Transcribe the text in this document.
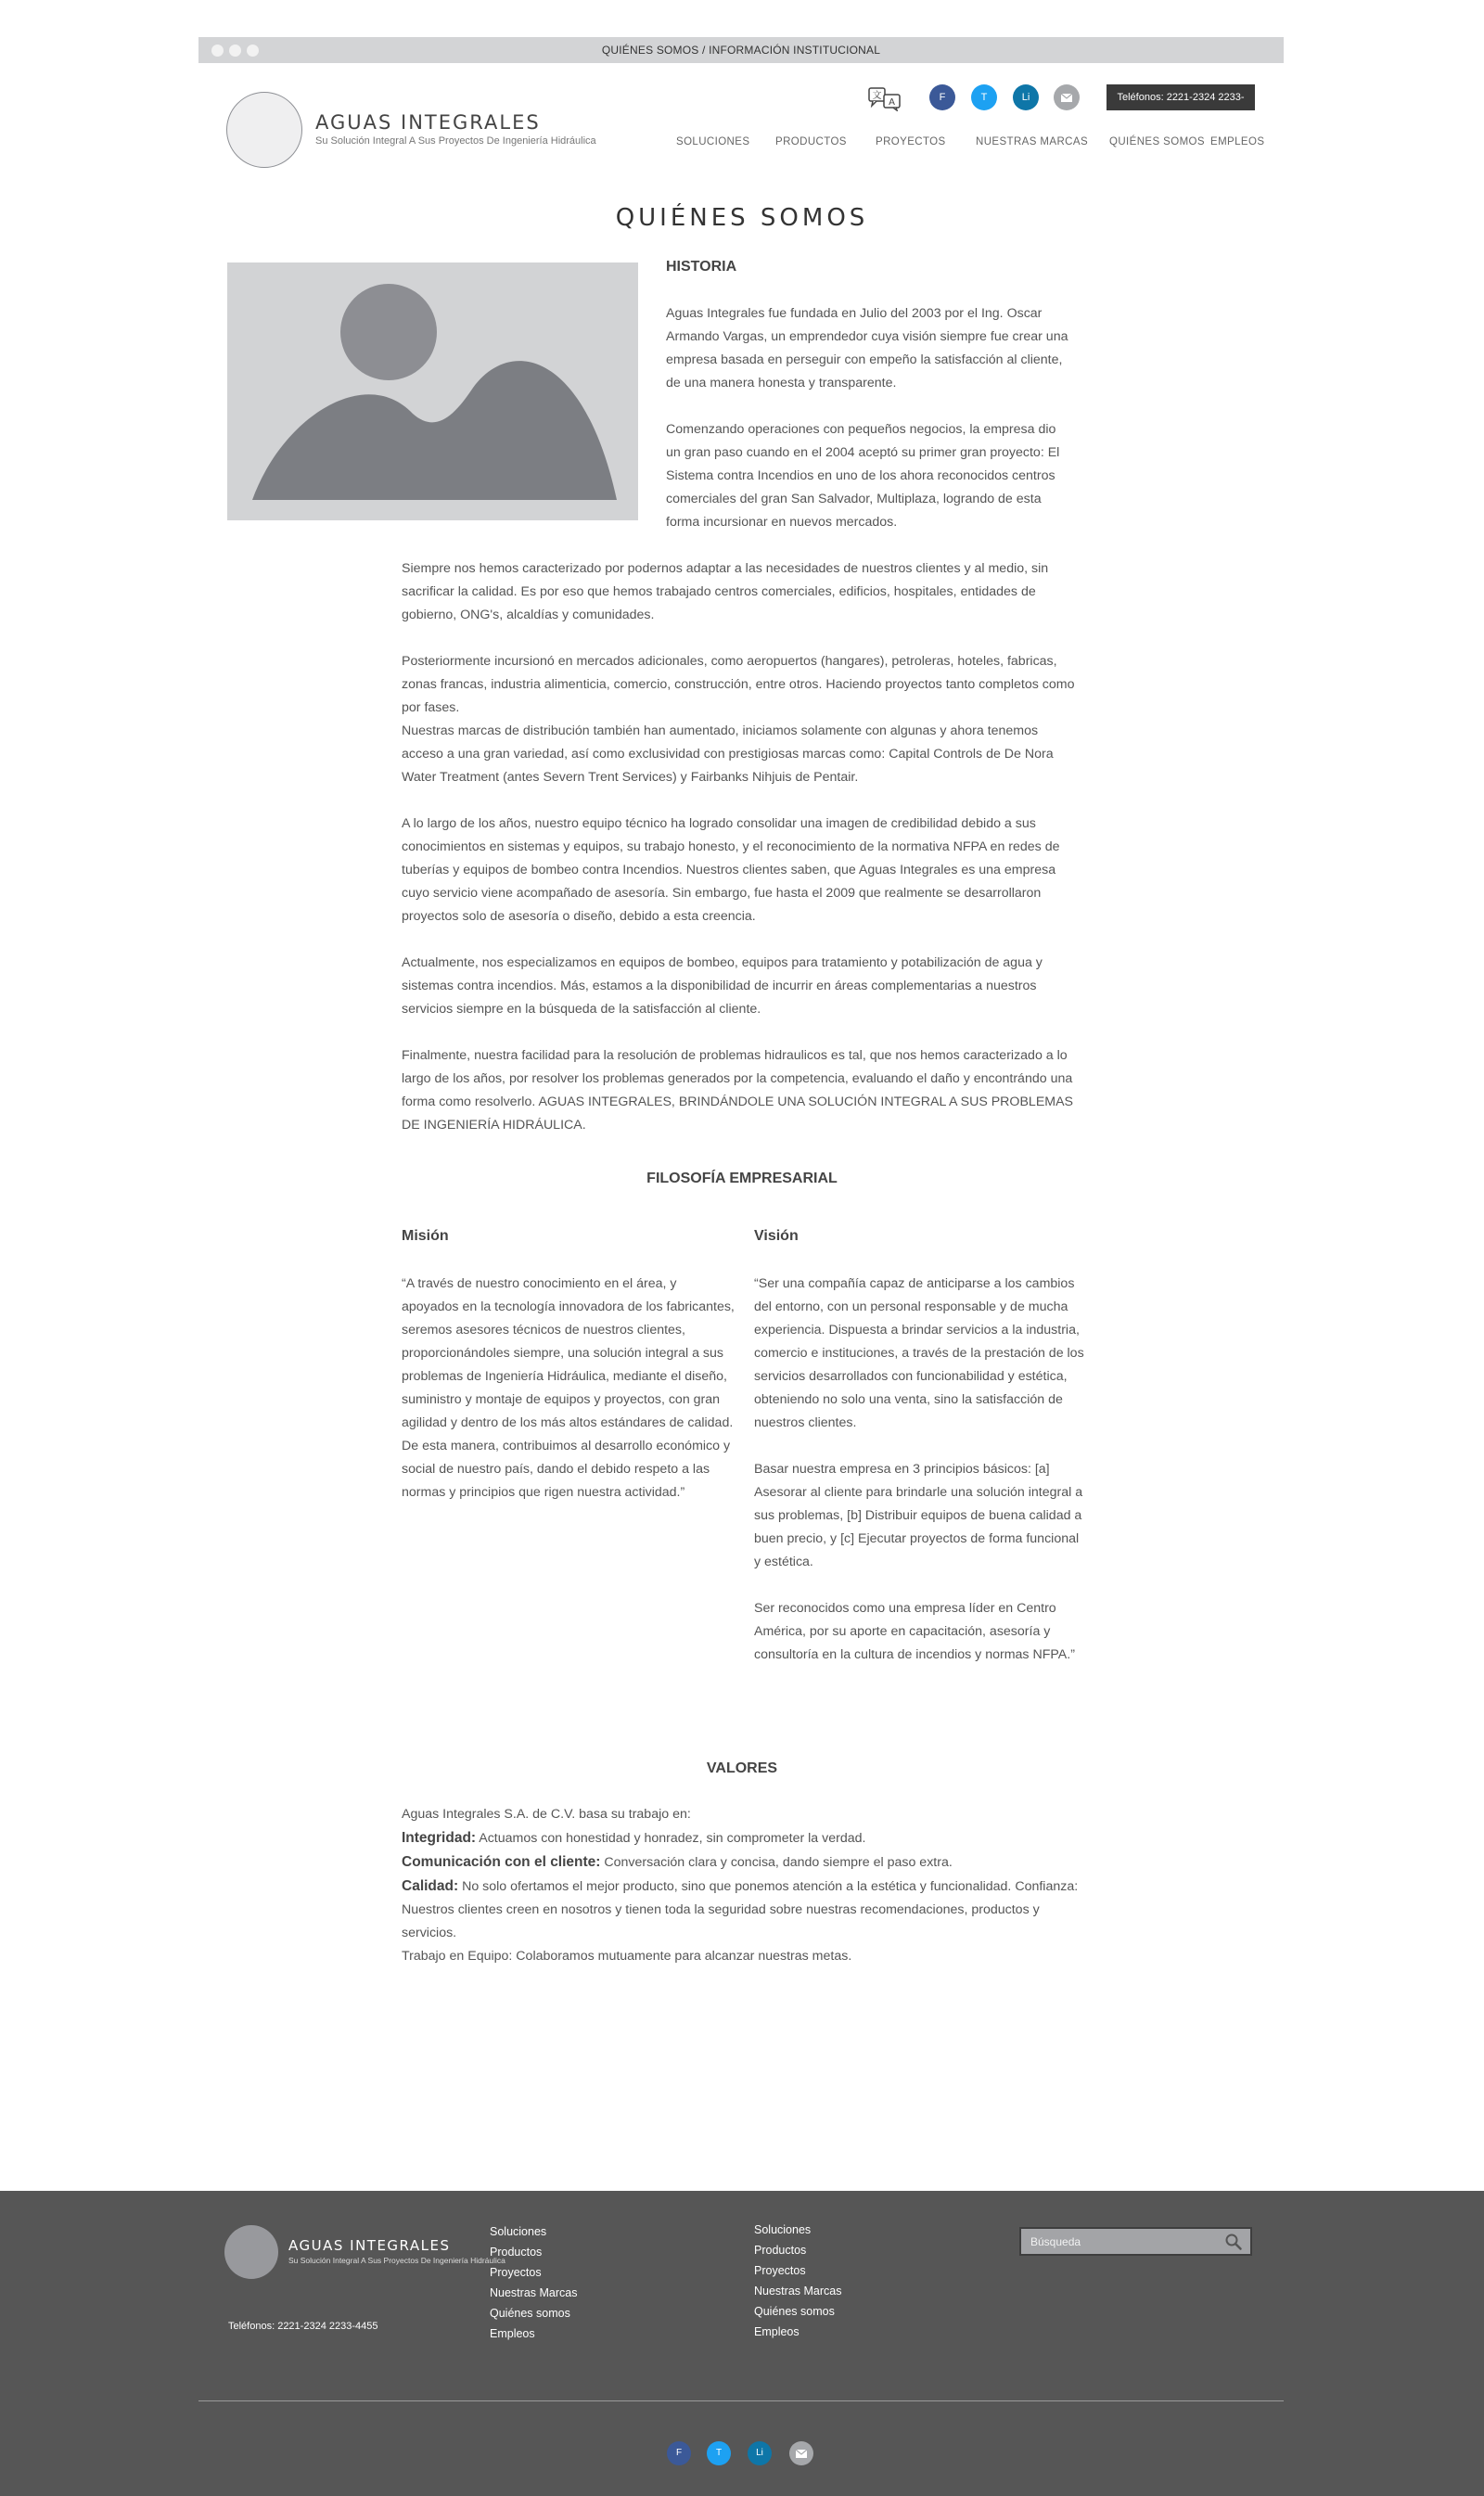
QUIÉNES SOMOS / INFORMACIÓN INSTITUCIONAL
AGUAS INTEGRALES
Su Solución Integral A Sus Proyectos De Ingeniería Hidráulica
文
A	F	T	Li	Teléfonos: 2221-2324 2233-4455
SOLUCIONES PRODUCTOS	PROYECTOS	NUESTRAS MARCAS QUIÉNES SOMOS EMPLEOS
QUIÉNES SOMOS
HISTORIA
Aguas Integrales fue fundada en Julio del 2003 por el Ing. Oscar Armando Vargas, un emprendedor cuya visión siempre fue crear una empresa basada en perseguir con empeño la satisfacción al cliente, de una manera honesta y transparente.
Comenzando operaciones con pequeños negocios, la empresa dio un gran paso cuando en el 2004 aceptó su primer gran proyecto: El Sistema contra Incendios en uno de los ahora reconocidos centros comerciales del gran San Salvador, Multiplaza, logrando de esta forma incursionar en nuevos mercados.
Siempre nos hemos caracterizado por podernos adaptar a las necesidades de nuestros clientes y al medio, sin sacrificar la calidad. Es por eso que hemos trabajado centros comerciales, edificios, hospitales, entidades de gobierno, ONG's, alcaldías y comunidades.
Posteriormente incursionó en mercados adicionales, como aeropuertos (hangares), petroleras, hoteles, fabricas, zonas francas, industria alimenticia, comercio, construcción, entre otros. Haciendo proyectos tanto completos como por fases.
Nuestras marcas de distribución también han aumentado, iniciamos solamente con algunas y ahora tenemos acceso a una gran variedad, así como exclusividad con prestigiosas marcas como: Capital Controls de De Nora Water Treatment (antes Severn Trent Services) y Fairbanks Nihjuis de Pentair.
A lo largo de los años, nuestro equipo técnico ha logrado consolidar una imagen de credibilidad debido a sus conocimientos en sistemas y equipos, su trabajo honesto, y el reconocimiento de la normativa NFPA en redes de tuberías y equipos de bombeo contra Incendios. Nuestros clientes saben, que Aguas Integrales es una empresa cuyo servicio viene acompañado de asesoría. Sin embargo, fue hasta el 2009 que realmente se desarrollaron proyectos solo de asesoría o diseño, debido a esta creencia.
Actualmente, nos especializamos en equipos de bombeo, equipos para tratamiento y potabilización de agua y sistemas contra incendios. Más, estamos a la disponibilidad de incurrir en áreas complementarias a nuestros servicios siempre en la búsqueda de la satisfacción al cliente.
Finalmente, nuestra facilidad para la resolución de problemas hidraulicos es tal, que nos hemos caracterizado a lo largo de los años, por resolver los problemas generados por la competencia, evaluando el daño y encontrándo una forma como resolverlo. AGUAS INTEGRALES, BRINDÁNDOLE UNA SOLUCIÓN INTEGRAL A SUS PROBLEMAS DE INGENIERÍA HIDRÁULICA.
FILOSOFÍA EMPRESARIAL
Misión
“A través de nuestro conocimiento en el área, y apoyados en la tecnología innovadora de los fabricantes, seremos asesores técnicos de nuestros clientes, proporcionándoles siempre, una solución integral a sus problemas de Ingeniería Hidráulica, mediante el diseño, suministro y montaje de equipos y proyectos, con gran agilidad y dentro de los más altos estándares de calidad. De esta manera, contribuimos al desarrollo económico y social de nuestro país, dando el debido respeto a las normas y principios que rigen nuestra actividad.”
Visión
“Ser una compañía capaz de anticiparse a los cambios del entorno, con un personal responsable y de mucha experiencia. Dispuesta a brindar servicios a la industria, comercio e instituciones, a través de la prestación de los servicios desarrollados con funcionabilidad y estética, obteniendo no solo una venta, sino la satisfacción de nuestros clientes.
Basar nuestra empresa en 3 principios básicos: [a] Asesorar al cliente para brindarle una solución integral a sus problemas, [b] Distribuir equipos de buena calidad a buen precio, y [c] Ejecutar proyectos de forma funcional y estética.
Ser reconocidos como una empresa líder en Centro América, por su aporte en capacitación, asesoría y consultoría en la cultura de incendios y normas NFPA.”
VALORES
Aguas Integrales S.A. de C.V. basa su trabajo en:
Integridad: Actuamos con honestidad y honradez, sin comprometer la verdad.
Comunicación con el cliente: Conversación clara y concisa, dando siempre el paso extra.
Calidad: No solo ofertamos el mejor producto, sino que ponemos atención a la estética y funcionalidad. Confianza: Nuestros clientes creen en nosotros y tienen toda la seguridad sobre nuestras recomendaciones, productos y servicios.
Trabajo en Equipo: Colaboramos mutuamente para alcanzar nuestras metas.
AGUAS INTEGRALES
Su Solución Integral A Sus Proyectos De Ingeniería Hidráulica
Teléfonos: 2221-2324 2233-4455
Soluciones
Productos
Proyectos
Nuestras Marcas
Quiénes somos
Empleos
Soluciones
Productos
Proyectos
Nuestras Marcas
Quiénes somos
Empleos
Búsqueda
F	T	Li
